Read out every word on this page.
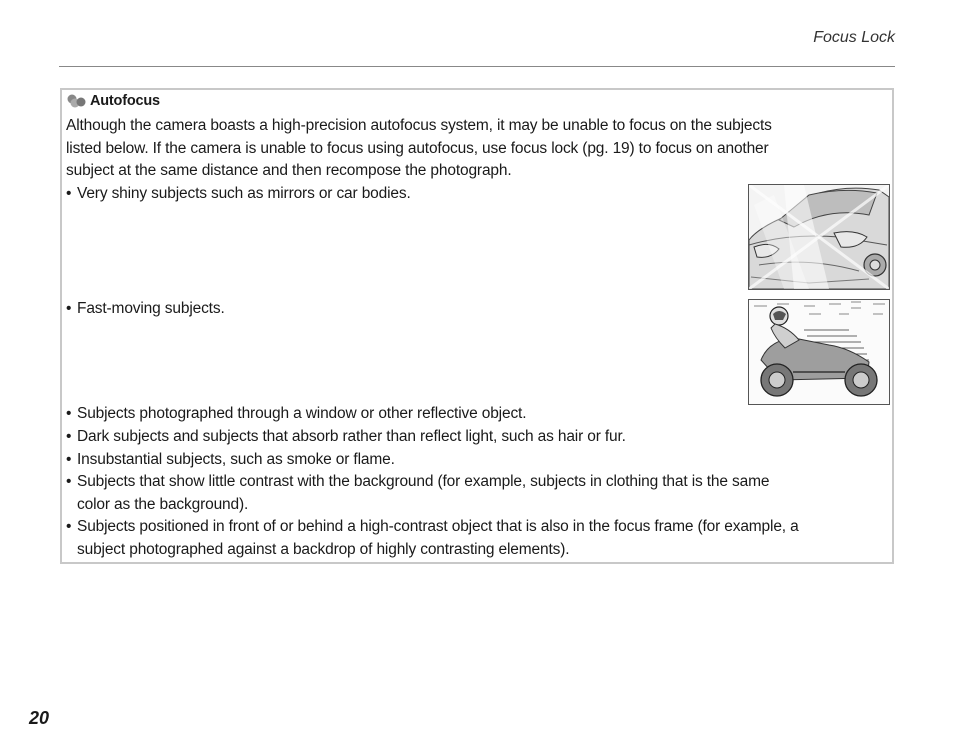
Focus Lock
Autofocus
Although the camera boasts a high-precision autofocus system, it may be unable to focus on the subjects
listed below. If the camera is unable to focus using autofocus, use focus lock (pg. 19) to focus on another
subject at the same distance and then recompose the photograph.
• Very shiny subjects such as mirrors or car bodies.
• Fast-moving subjects.
• Subjects photographed through a window or other reflective object.
• Dark subjects and subjects that absorb rather than reflect light, such as hair or fur.
• Insubstantial subjects, such as smoke or flame.
• Subjects that show little contrast with the background (for example, subjects in clothing that is the same
color as the background).
• Subjects positioned in front of or behind a high-contrast object that is also in the focus frame (for example, a
subject photographed against a backdrop of highly contrasting elements).
20
